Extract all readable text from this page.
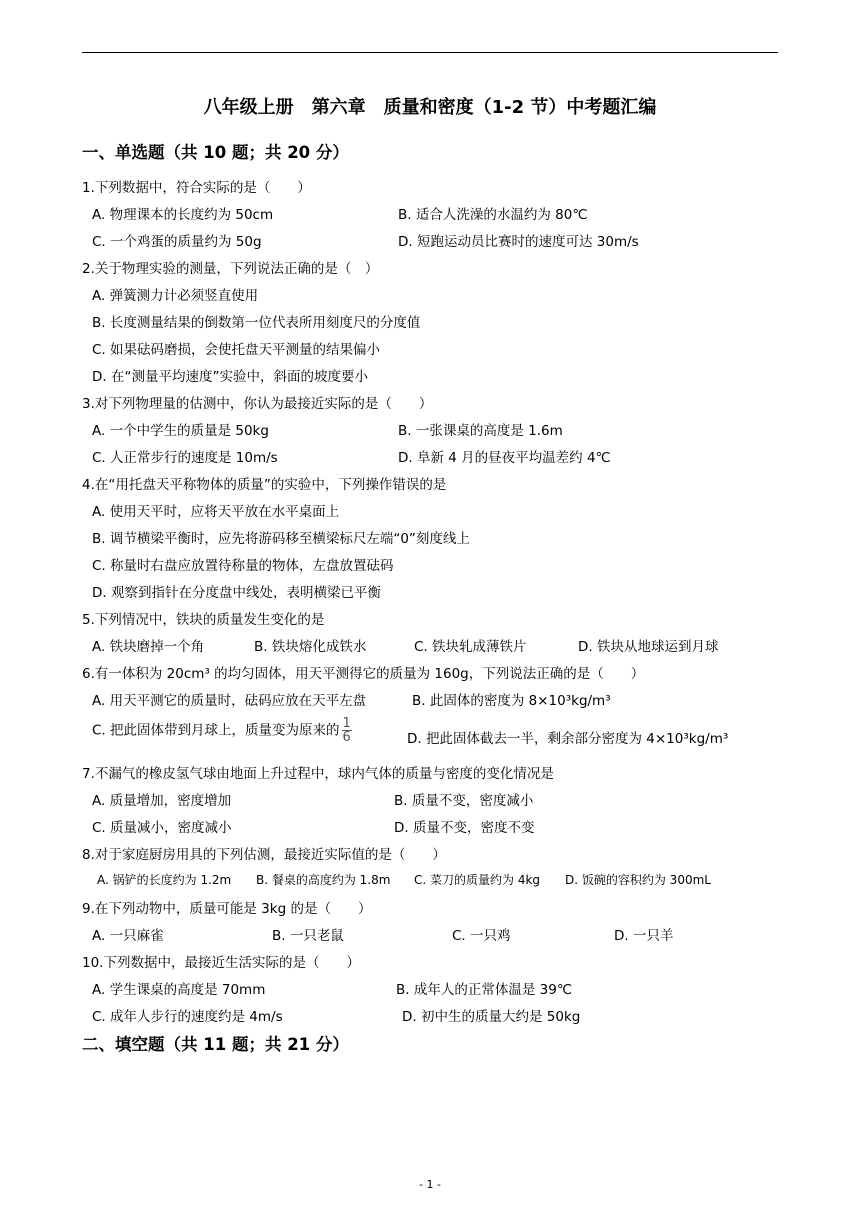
八年级上册　第六章　质量和密度（1-2 节）中考题汇编
一、单选题（共 10 题；共 20 分）
1.下列数据中，符合实际的是（　　）
A. 物理课本的长度约为 50cm	B. 适合人洗澡的水温约为 80℃
C. 一个鸡蛋的质量约为 50g	D. 短跑运动员比赛时的速度可达 30m/s
2.关于物理实验的测量，下列说法正确的是（　）
A. 弹簧测力计必须竖直使用
B. 长度测量结果的倒数第一位代表所用刻度尺的分度值
C. 如果砝码磨损，会使托盘天平测量的结果偏小
D. 在“测量平均速度”实验中，斜面的坡度要小
3.对下列物理量的估测中，你认为最接近实际的是（　　）
A. 一个中学生的质量是 50kg	B. 一张课桌的高度是 1.6m
C. 人正常步行的速度是 10m/s	D. 阜新 4 月的昼夜平均温差约 4℃
4.在“用托盘天平称物体的质量”的实验中，下列操作错误的是
A. 使用天平时，应将天平放在水平桌面上
B. 调节横梁平衡时，应先将游码移至横梁标尺左端“0”刻度线上
C. 称量时右盘应放置待称量的物体，左盘放置砝码
D. 观察到指针在分度盘中线处，表明横梁已平衡
5.下列情况中，铁块的质量发生变化的是
A. 铁块磨掉一个角	B. 铁块熔化成铁水	C. 铁块轧成薄铁片	D. 铁块从地球运到月球
6.有一体积为 20cm³ 的均匀固体，用天平测得它的质量为 160g，下列说法正确的是（　　）
A. 用天平测它的质量时，砝码应放在天平左盘	B. 此固体的密度为 8×10³kg/m³
C. 把此固体带到月球上，质量变为原来的 $\frac{1}{6}$	D. 把此固体截去一半，剩余部分密度为 4×10³kg/m³
7.不漏气的橡皮氢气球由地面上升过程中，球内气体的质量与密度的变化情况是
A. 质量增加，密度增加	B. 质量不变，密度减小
C. 质量减小，密度减小	D. 质量不变，密度不变
8.对于家庭厨房用具的下列估测，最接近实际值的是（　　）
A. 锅铲的长度约为 1.2m B. 餐桌的高度约为 1.8m C. 菜刀的质量约为 4kg D. 饭碗的容积约为 300mL
9.在下列动物中，质量可能是 3kg 的是（　　）
A. 一只麻雀	B. 一只老鼠	C. 一只鸡	D. 一只羊
10.下列数据中，最接近生活实际的是（　　）
A. 学生课桌的高度是 70mm	B. 成年人的正常体温是 39℃
C. 成年人步行的速度约是 4m/s	D. 初中生的质量大约是 50kg
二、填空题（共 11 题；共 21 分）
- 1 -
